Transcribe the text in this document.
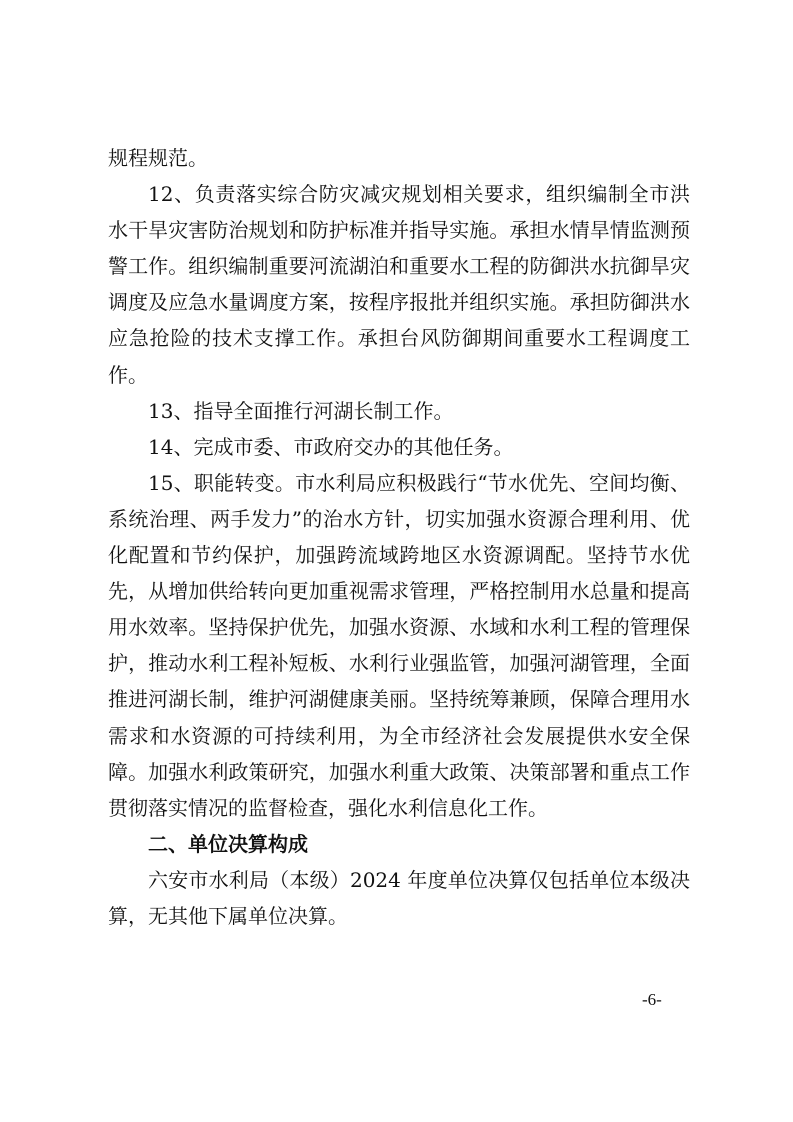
规程规范。

12、负责落实综合防灾减灾规划相关要求，组织编制全市洪水干旱灾害防治规划和防护标准并指导实施。承担水情旱情监测预警工作。组织编制重要河流湖泊和重要水工程的防御洪水抗御旱灾调度及应急水量调度方案，按程序报批并组织实施。承担防御洪水应急抢险的技术支撑工作。承担台风防御期间重要水工程调度工作。

13、指导全面推行河湖长制工作。

14、完成市委、市政府交办的其他任务。

15、职能转变。市水利局应积极践行“节水优先、空间均衡、系统治理、两手发力”的治水方针，切实加强水资源合理利用、优化配置和节约保护，加强跨流域跨地区水资源调配。坚持节水优先，从增加供给转向更加重视需求管理，严格控制用水总量和提高用水效率。坚持保护优先，加强水资源、水域和水利工程的管理保护，推动水利工程补短板、水利行业强监管，加强河湖管理，全面推进河湖长制，维护河湖健康美丽。坚持统筹兼顾，保障合理用水需求和水资源的可持续利用，为全市经济社会发展提供水安全保障。加强水利政策研究，加强水利重大政策、决策部署和重点工作贯彻落实情况的监督检查，强化水利信息化工作。

二、单位决算构成

六安市水利局（本级）2024 年度单位决算仅包括单位本级决算，无其他下属单位决算。

-6-
